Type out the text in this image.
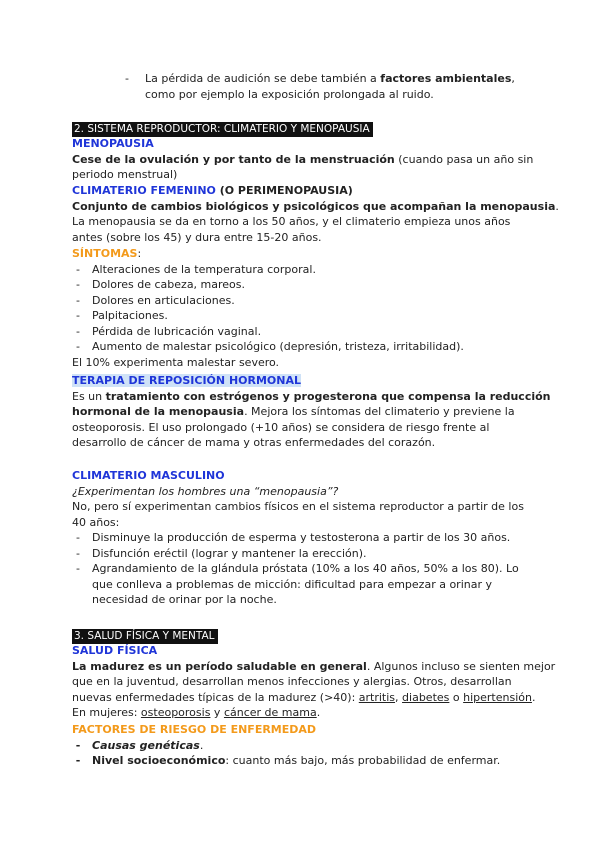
- La pérdida de audición se debe también a factores ambientales,
como por ejemplo la exposición prolongada al ruido.
2. SISTEMA REPRODUCTOR: CLIMATERIO Y MENOPAUSIA
MENOPAUSIA
Cese de la ovulación y por tanto de la menstruación (cuando pasa un año sin
periodo menstrual)
CLIMATERIO FEMENINO (O PERIMENOPAUSIA)
Conjunto de cambios biológicos y psicológicos que acompañan la menopausia.
La menopausia se da en torno a los 50 años, y el climaterio empieza unos años
antes (sobre los 45) y dura entre 15-20 años.
SÍNTOMAS:
-	Alteraciones de la temperatura corporal.
-	Dolores de cabeza, mareos.
-	Dolores en articulaciones.
-	Palpitaciones.
-	Pérdida de lubricación vaginal.
-	Aumento de malestar psicológico (depresión, tristeza, irritabilidad).
El 10% experimenta malestar severo.
TERAPIA DE REPOSICIÓN HORMONAL
Es un tratamiento con estrógenos y progesterona que compensa la reducción
hormonal de la menopausia. Mejora los síntomas del climaterio y previene la
osteoporosis. El uso prolongado (+10 años) se considera de riesgo frente al
desarrollo de cáncer de mama y otras enfermedades del corazón.
CLIMATERIO MASCULINO
¿Experimentan los hombres una “menopausia”?
No, pero sí experimentan cambios físicos en el sistema reproductor a partir de los
40 años:
-	Disminuye la producción de esperma y testosterona a partir de los 30 años.
-	Disfunción eréctil (lograr y mantener la erección).
-	Agrandamiento de la glándula próstata (10% a los 40 años, 50% a los 80). Lo
que conlleva a problemas de micción: dificultad para empezar a orinar y
necesidad de orinar por la noche.
3. SALUD FÍSICA Y MENTAL
SALUD FÍSICA
La madurez es un período saludable en general. Algunos incluso se sienten mejor
que en la juventud, desarrollan menos infecciones y alergias. Otros, desarrollan
nuevas enfermedades típicas de la madurez (>40): artritis, diabetes o hipertensión.
En mujeres: osteoporosis y cáncer de mama.
FACTORES DE RIESGO DE ENFERMEDAD
-	Causas genéticas.
-	Nivel socioeconómico: cuanto más bajo, más probabilidad de enfermar.
